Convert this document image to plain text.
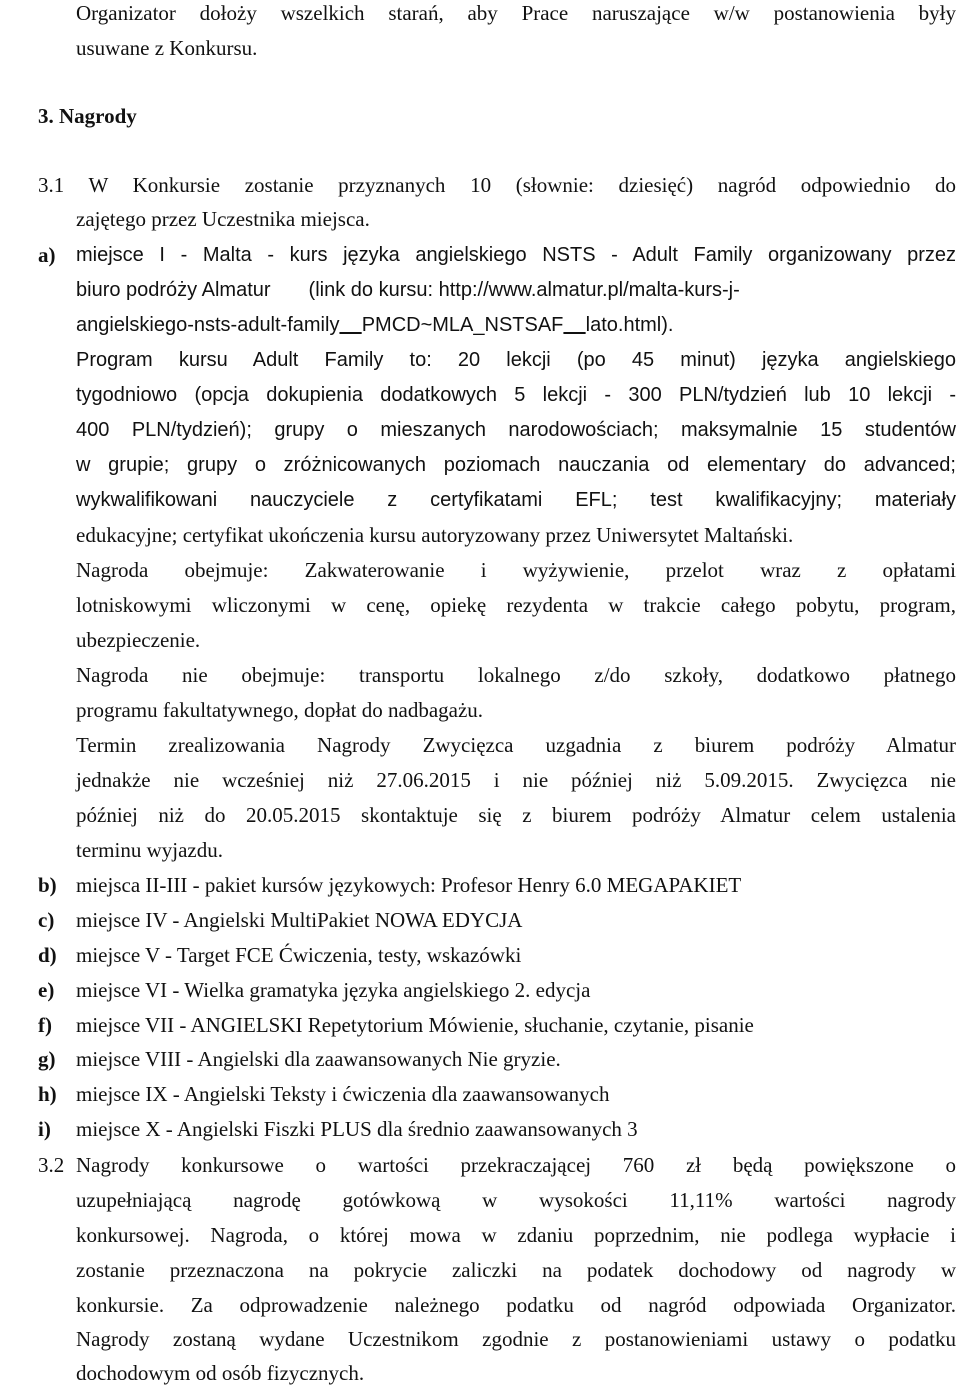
Organizator dołoży wszelkich starań, aby Prace naruszające w/w postanowienia były
usuwane z Konkursu.
3. Nagrody
3.1 W Konkursie zostanie przyznanych 10 (słownie: dziesięć) nagród odpowiednio do
zajętego przez Uczestnika miejsca.
a) miejsce I - Malta - kurs języka angielskiego NSTS - Adult Family organizowany przez
biuro podróży Almatur (link do kursu: http://www.almatur.pl/malta-kurs-j-
angielskiego-nsts-adult-family PMCD~MLA_NSTSAF lato.html).
Program kursu Adult Family to: 20 lekcji (po 45 minut) języka angielskiego
tygodniowo (opcja dokupienia dodatkowych 5 lekcji - 300 PLN/tydzień lub 10 lekcji -
400 PLN/tydzień); grupy o mieszanych narodowościach; maksymalnie 15 studentów
w grupie; grupy o zróżnicowanych poziomach nauczania od elementary do advanced;
wykwalifikowani nauczyciele z certyfikatami EFL; test kwalifikacyjny; materiały
edukacyjne; certyfikat ukończenia kursu autoryzowany przez Uniwersytet Maltański.
Nagroda obejmuje: Zakwaterowanie i wyżywienie, przelot wraz z opłatami
lotniskowymi wliczonymi w cenę, opiekę rezydenta w trakcie całego pobytu, program,
ubezpieczenie.
Nagroda nie obejmuje: transportu lokalnego z/do szkoły, dodatkowo płatnego
programu fakultatywnego, dopłat do nadbagażu.
Termin zrealizowania Nagrody Zwycięzca uzgadnia z biurem podróży Almatur
jednakże nie wcześniej niż 27.06.2015 i nie później niż 5.09.2015. Zwycięzca nie
później niż do 20.05.2015 skontaktuje się z biurem podróży Almatur celem ustalenia
terminu wyjazdu.
b) miejsca II-III - pakiet kursów językowych: Profesor Henry 6.0 MEGAPAKIET
c) miejsce IV - Angielski MultiPakiet NOWA EDYCJA
d) miejsce V - Target FCE Ćwiczenia, testy, wskazówki
e) miejsce VI - Wielka gramatyka języka angielskiego 2. edycja
f) miejsce VII - ANGIELSKI Repetytorium Mówienie, słuchanie, czytanie, pisanie
g) miejsce VIII - Angielski dla zaawansowanych Nie gryzie.
h) miejsce IX - Angielski Teksty i ćwiczenia dla zaawansowanych
i) miejsce X - Angielski Fiszki PLUS dla średnio zaawansowanych 3
3.2 Nagrody konkursowe o wartości przekraczającej 760 zł będą powiększone o
uzupełniającą nagrodę gotówkową w wysokości 11,11% wartości nagrody
konkursowej. Nagroda, o której mowa w zdaniu poprzednim, nie podlega wypłacie i
zostanie przeznaczona na pokrycie zaliczki na podatek dochodowy od nagrody w
konkursie. Za odprowadzenie należnego podatku od nagród odpowiada Organizator.
Nagrody zostaną wydane Uczestnikom zgodnie z postanowieniami ustawy o podatku
dochodowym od osób fizycznych.
